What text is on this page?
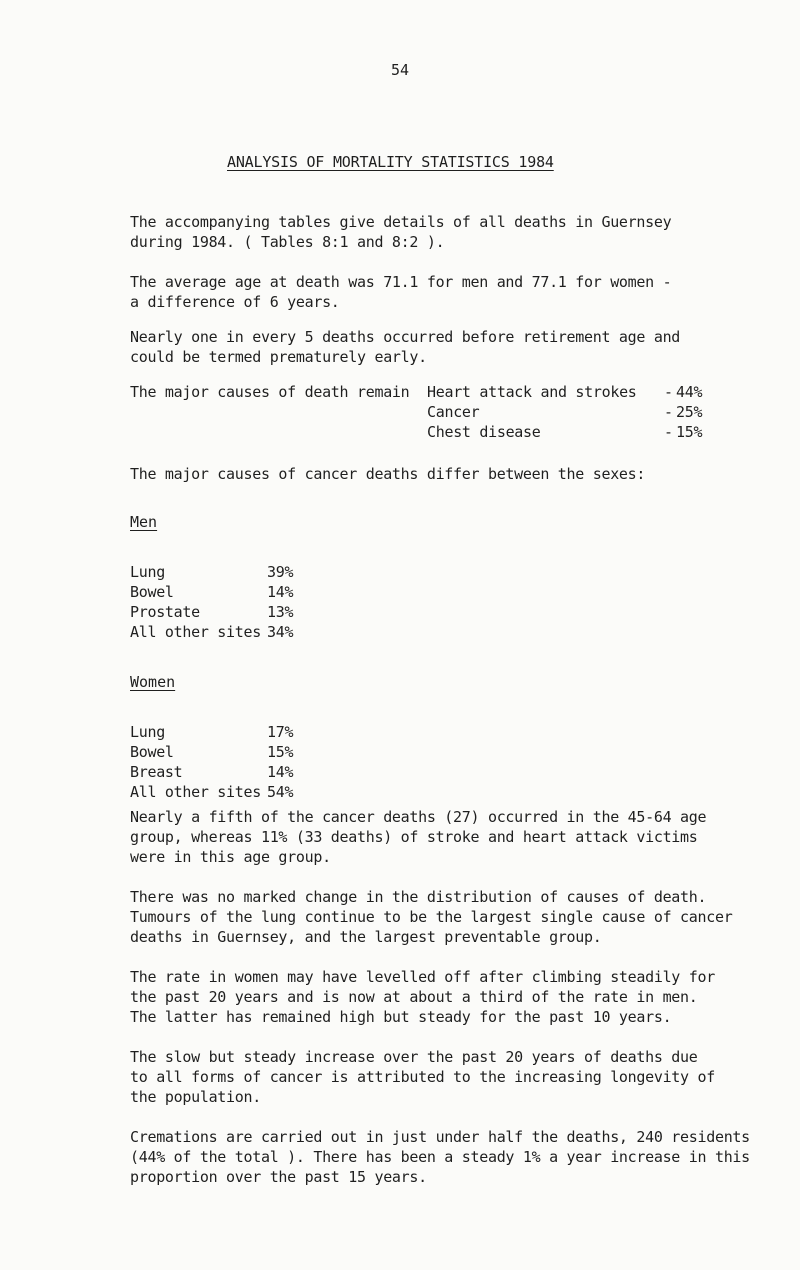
54
ANALYSIS OF MORTALITY STATISTICS 1984

The accompanying tables give details of all deaths in Guernsey
during 1984. ( Tables 8:1 and 8:2 ).

The average age at death was 71.1 for men and 77.1 for women -
a difference of 6 years.

Nearly one in every 5 deaths occurred before retirement age and
could be termed prematurely early.

The major causes of death remain Heart attack and strokes	- 44%
Cancer	- 25%
Chest disease	- 15%

The major causes of cancer deaths differ between the sexes:

Men
Lung	39%
Bowel	14%
Prostate	13%
All other sites 34%
Women
Lung	17%
Bowel	15%
Breast	14%
All other sites 54%

Nearly a fifth of the cancer deaths (27) occurred in the 45-64 age
group, whereas 11% (33 deaths) of stroke and heart attack victims
were in this age group.

There was no marked change in the distribution of causes of death.
Tumours of the lung continue to be the largest single cause of cancer
deaths in Guernsey, and the largest preventable group.

The rate in women may have levelled off after climbing steadily for
the past 20 years and is now at about a third of the rate in men.
The latter has remained high but steady for the past 10 years.

The slow but steady increase over the past 20 years of deaths due
to all forms of cancer is attributed to the increasing longevity of
the population.

Cremations are carried out in just under half the deaths, 240 residents
(44% of the total ). There has been a steady 1% a year increase in this
proportion over the past 15 years.
